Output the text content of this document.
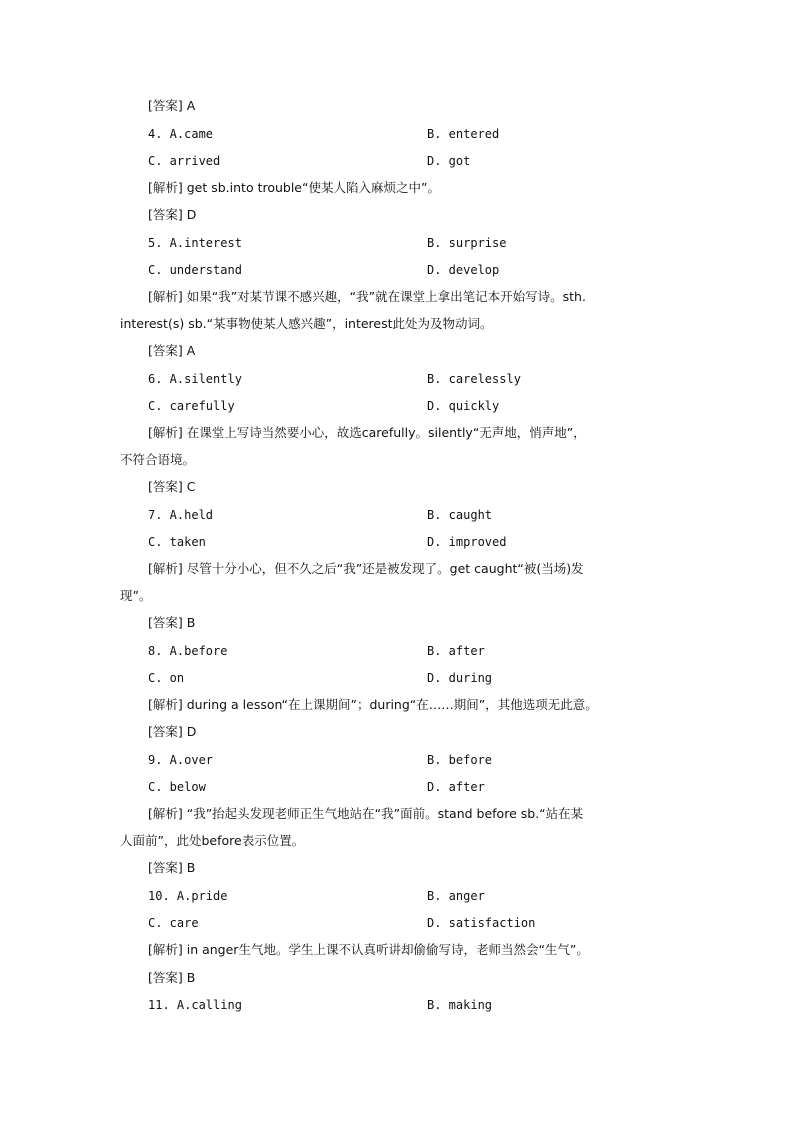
[答案] A
4. A.came	B. entered
C. arrived	D. got
[解析] get sb.into trouble“使某人陷入麻烦之中”。
[答案] D
5. A.interest	B. surprise
C. understand	D. develop
[解析] 如果“我”对某节课不感兴趣，“我”就在课堂上拿出笔记本开始写诗。sth.
interest(s) sb.“某事物使某人感兴趣”，interest此处为及物动词。
[答案] A
6. A.silently	B. carelessly
C. carefully	D. quickly
[解析] 在课堂上写诗当然要小心，故选carefully。silently“无声地，悄声地”，
不符合语境。
[答案] C
7. A.held	B. caught
C. taken	D. improved
[解析] 尽管十分小心，但不久之后“我”还是被发现了。get caught“被(当场)发
现”。
[答案] B
8. A.before	B. after
C. on	D. during
[解析] during a lesson“在上课期间”；during“在……期间”，其他选项无此意。
[答案] D
9. A.over	B. before
C. below	D. after
[解析] “我”抬起头发现老师正生气地站在“我”面前。stand before sb.“站在某
人面前”，此处before表示位置。
[答案] B
10. A.pride	B. anger
C. care	D. satisfaction
[解析] in anger生气地。学生上课不认真听讲却偷偷写诗，老师当然会“生气”。
[答案] B
11. A.calling	B. making
